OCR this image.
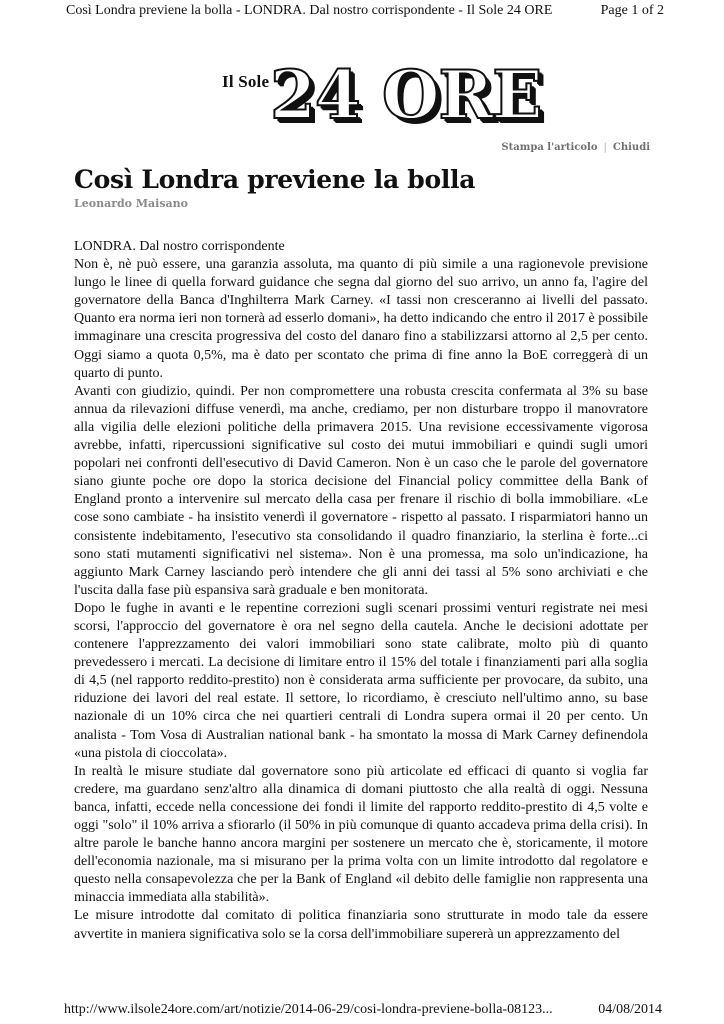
Così Londra previene la bolla - LONDRA. Dal nostro corrispondente - Il Sole 24 ORE	Page 1 of 2
Il Sole 24 ORE
Stampa l'articolo | Chiudi
Così Londra previene la bolla
Leonardo Maisano

LONDRA. Dal nostro corrispondente

Non è, nè può essere, una garanzia assoluta, ma quanto di più simile a una ragionevole previsione lungo le linee di quella forward guidance che segna dal giorno del suo arrivo, un anno fa, l'agire del governatore della Banca d'Inghilterra Mark Carney. «I tassi non cresceranno ai livelli del passato. Quanto era norma ieri non tornerà ad esserlo domani», ha detto indicando che entro il 2017 è possibile immaginare una crescita progressiva del costo del danaro fino a stabilizzarsi attorno al 2,5 per cento. Oggi siamo a quota 0,5%, ma è dato per scontato che prima di fine anno la BoE correggerà di un quarto di punto.

Avanti con giudizio, quindi. Per non compromettere una robusta crescita confermata al 3% su base annua da rilevazioni diffuse venerdì, ma anche, crediamo, per non disturbare troppo il manovratore alla vigilia delle elezioni politiche della primavera 2015. Una revisione eccessivamente vigorosa avrebbe, infatti, ripercussioni significative sul costo dei mutui immobiliari e quindi sugli umori popolari nei confronti dell'esecutivo di David Cameron. Non è un caso che le parole del governatore siano giunte poche ore dopo la storica decisione del Financial policy committee della Bank of England pronto a intervenire sul mercato della casa per frenare il rischio di bolla immobiliare. «Le cose sono cambiate - ha insistito venerdì il governatore - rispetto al passato. I risparmiatori hanno un consistente indebitamento, l'esecutivo sta consolidando il quadro finanziario, la sterlina è forte...ci sono stati mutamenti significativi nel sistema». Non è una promessa, ma solo un'indicazione, ha aggiunto Mark Carney lasciando però intendere che gli anni dei tassi al 5% sono archiviati e che l'uscita dalla fase più espansiva sarà graduale e ben monitorata.

Dopo le fughe in avanti e le repentine correzioni sugli scenari prossimi venturi registrate nei mesi scorsi, l'approccio del governatore è ora nel segno della cautela. Anche le decisioni adottate per contenere l'apprezzamento dei valori immobiliari sono state calibrate, molto più di quanto prevedessero i mercati. La decisione di limitare entro il 15% del totale i finanziamenti pari alla soglia di 4,5 (nel rapporto reddito-prestito) non è considerata arma sufficiente per provocare, da subito, una riduzione dei lavori del real estate. Il settore, lo ricordiamo, è cresciuto nell'ultimo anno, su base nazionale di un 10% circa che nei quartieri centrali di Londra supera ormai il 20 per cento. Un analista - Tom Vosa di Australian national bank - ha smontato la mossa di Mark Carney definendola «una pistola di cioccolata».

In realtà le misure studiate dal governatore sono più articolate ed efficaci di quanto si voglia far credere, ma guardano senz'altro alla dinamica di domani piuttosto che alla realtà di oggi. Nessuna banca, infatti, eccede nella concessione dei fondi il limite del rapporto reddito-prestito di 4,5 volte e oggi "solo" il 10% arriva a sfiorarlo (il 50% in più comunque di quanto accadeva prima della crisi). In altre parole le banche hanno ancora margini per sostenere un mercato che è, storicamente, il motore dell'economia nazionale, ma si misurano per la prima volta con un limite introdotto dal regolatore e questo nella consapevolezza che per la Bank of England «il debito delle famiglie non rappresenta una minaccia immediata alla stabilità».

Le misure introdotte dal comitato di politica finanziaria sono strutturate in modo tale da essere avvertite in maniera significativa solo se la corsa dell'immobiliare supererà un apprezzamento del

http://www.ilsole24ore.com/art/notizie/2014-06-29/cosi-londra-previene-bolla-08123...	04/08/2014
